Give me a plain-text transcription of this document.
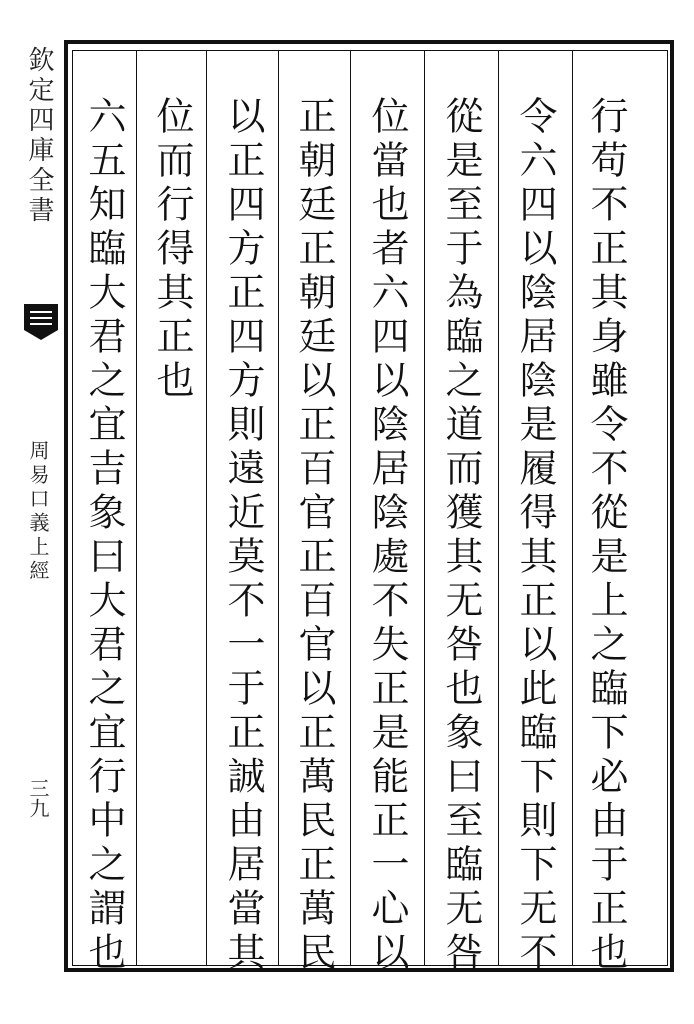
欽定四庫全書
周易口義上經
三九	行苟不正其身雖令不從是上之臨下必由于正也
令六四以陰居陰是履得其正以此臨下則下无不
從是至于為臨之道而獲其无咎也象曰至臨无咎
位當也者六四以陰居陰處不失正是能正一心以
正朝廷正朝廷以正百官正百官以正萬民正萬民
以正四方正四方則遠近莫不一于正誠由居當其
位而行得其正也
六五知臨大君之宜吉象曰大君之宜行中之謂也
